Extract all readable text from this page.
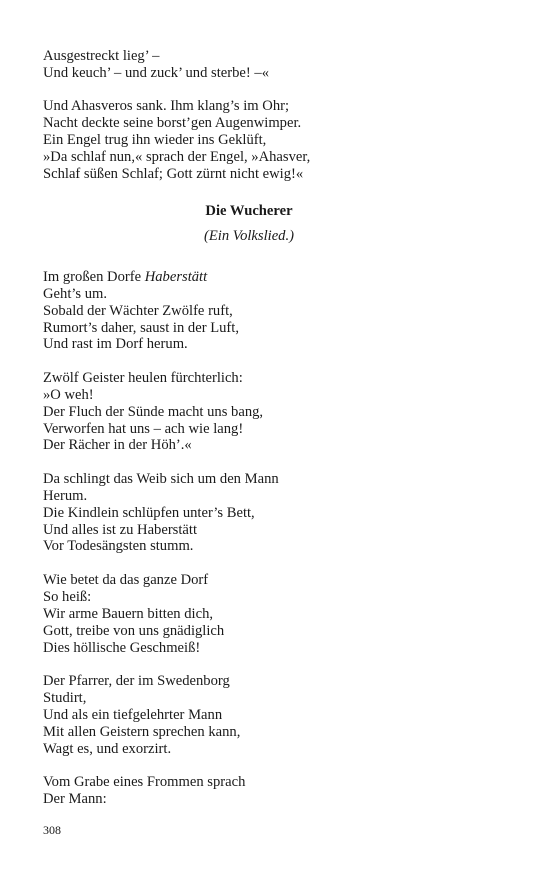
Ausgestreckt lieg’ –
Und keuch’ – und zuck’ und sterbe! –«
Und Ahasveros sank. Ihm klang’s im Ohr;
Nacht deckte seine borst’gen Augenwimper.
Ein Engel trug ihn wieder ins Geklüft,
»Da schlaf nun,« sprach der Engel, »Ahasver,
Schlaf süßen Schlaf; Gott zürnt nicht ewig!«
Die Wucherer
(Ein Volkslied.)
Im großen Dorfe Haberstätt
Geht’s um.
Sobald der Wächter Zwölfe ruft,
Rumort’s daher, saust in der Luft,
Und rast im Dorf herum.
Zwölf Geister heulen fürchterlich:
»O weh!
Der Fluch der Sünde macht uns bang,
Verworfen hat uns – ach wie lang!
Der Rächer in der Höh’.«
Da schlingt das Weib sich um den Mann
Herum.
Die Kindlein schlüpfen unter’s Bett,
Und alles ist zu Haberstätt
Vor Todesängsten stumm.
Wie betet da das ganze Dorf
So heiß:
Wir arme Bauern bitten dich,
Gott, treibe von uns gnädiglich
Dies höllische Geschmeiß!
Der Pfarrer, der im Swedenborg
Studirt,
Und als ein tiefgelehrter Mann
Mit allen Geistern sprechen kann,
Wagt es, und exorzirt.
Vom Grabe eines Frommen sprach
Der Mann:
308
